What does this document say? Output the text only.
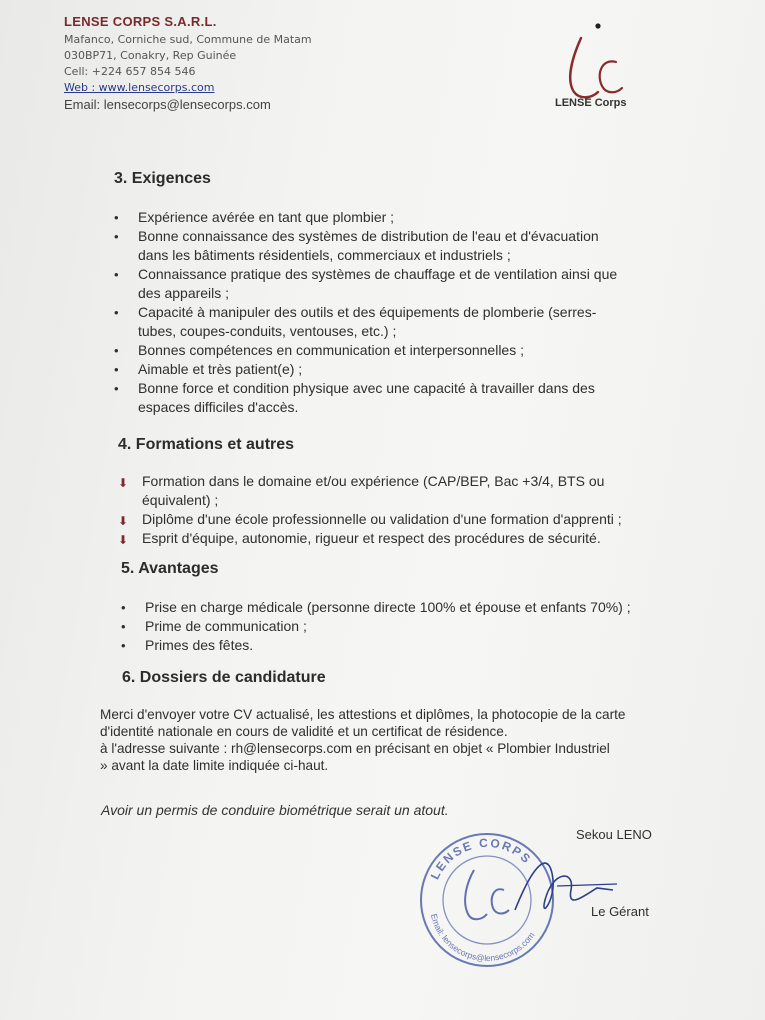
LENSE CORPS S.A.R.L.
Mafanco, Corniche sud, Commune de Matam
030BP71, Conakry, Rep Guinée
Cell: +224 657 854 546
Web : www.lensecorps.com
Email: lensecorps@lensecorps.com	LENSE Corps
3. Exigences
• Expérience avérée en tant que plombier ;
• Bonne connaissance des systèmes de distribution de l'eau et d'évacuation
dans les bâtiments résidentiels, commerciaux et industriels ;
• Connaissance pratique des systèmes de chauffage et de ventilation ainsi que
des appareils ;
• Capacité à manipuler des outils et des équipements de plomberie (serres-
tubes, coupes-conduits, ventouses, etc.) ;
• Bonnes compétences en communication et interpersonnelles ;
• Aimable et très patient(e) ;
• Bonne force et condition physique avec une capacité à travailler dans des
espaces difficiles d'accès.
4. Formations et autres
⬇ Formation dans le domaine et/ou expérience (CAP/BEP, Bac +3/4, BTS ou
équivalent) ;
⬇ Diplôme d'une école professionnelle ou validation d'une formation d'apprenti ;
⬇ Esprit d'équipe, autonomie, rigueur et respect des procédures de sécurité.
5. Avantages
• Prise en charge médicale (personne directe 100% et épouse et enfants 70%) ;
• Prime de communication ;
• Primes des fêtes.
6. Dossiers de candidature
Merci d'envoyer votre CV actualisé, les attestions et diplômes, la photocopie de la carte
d'identité nationale en cours de validité et un certificat de résidence.
à l'adresse suivante : rh@lensecorps.com en précisant en objet « Plombier Industriel
» avant la date limite indiquée ci-haut.
Avoir un permis de conduire biométrique serait un atout.
Sekou LENO
LENSE CORPS
Email: lensecorps@lensecorps.com
Le Gérant
